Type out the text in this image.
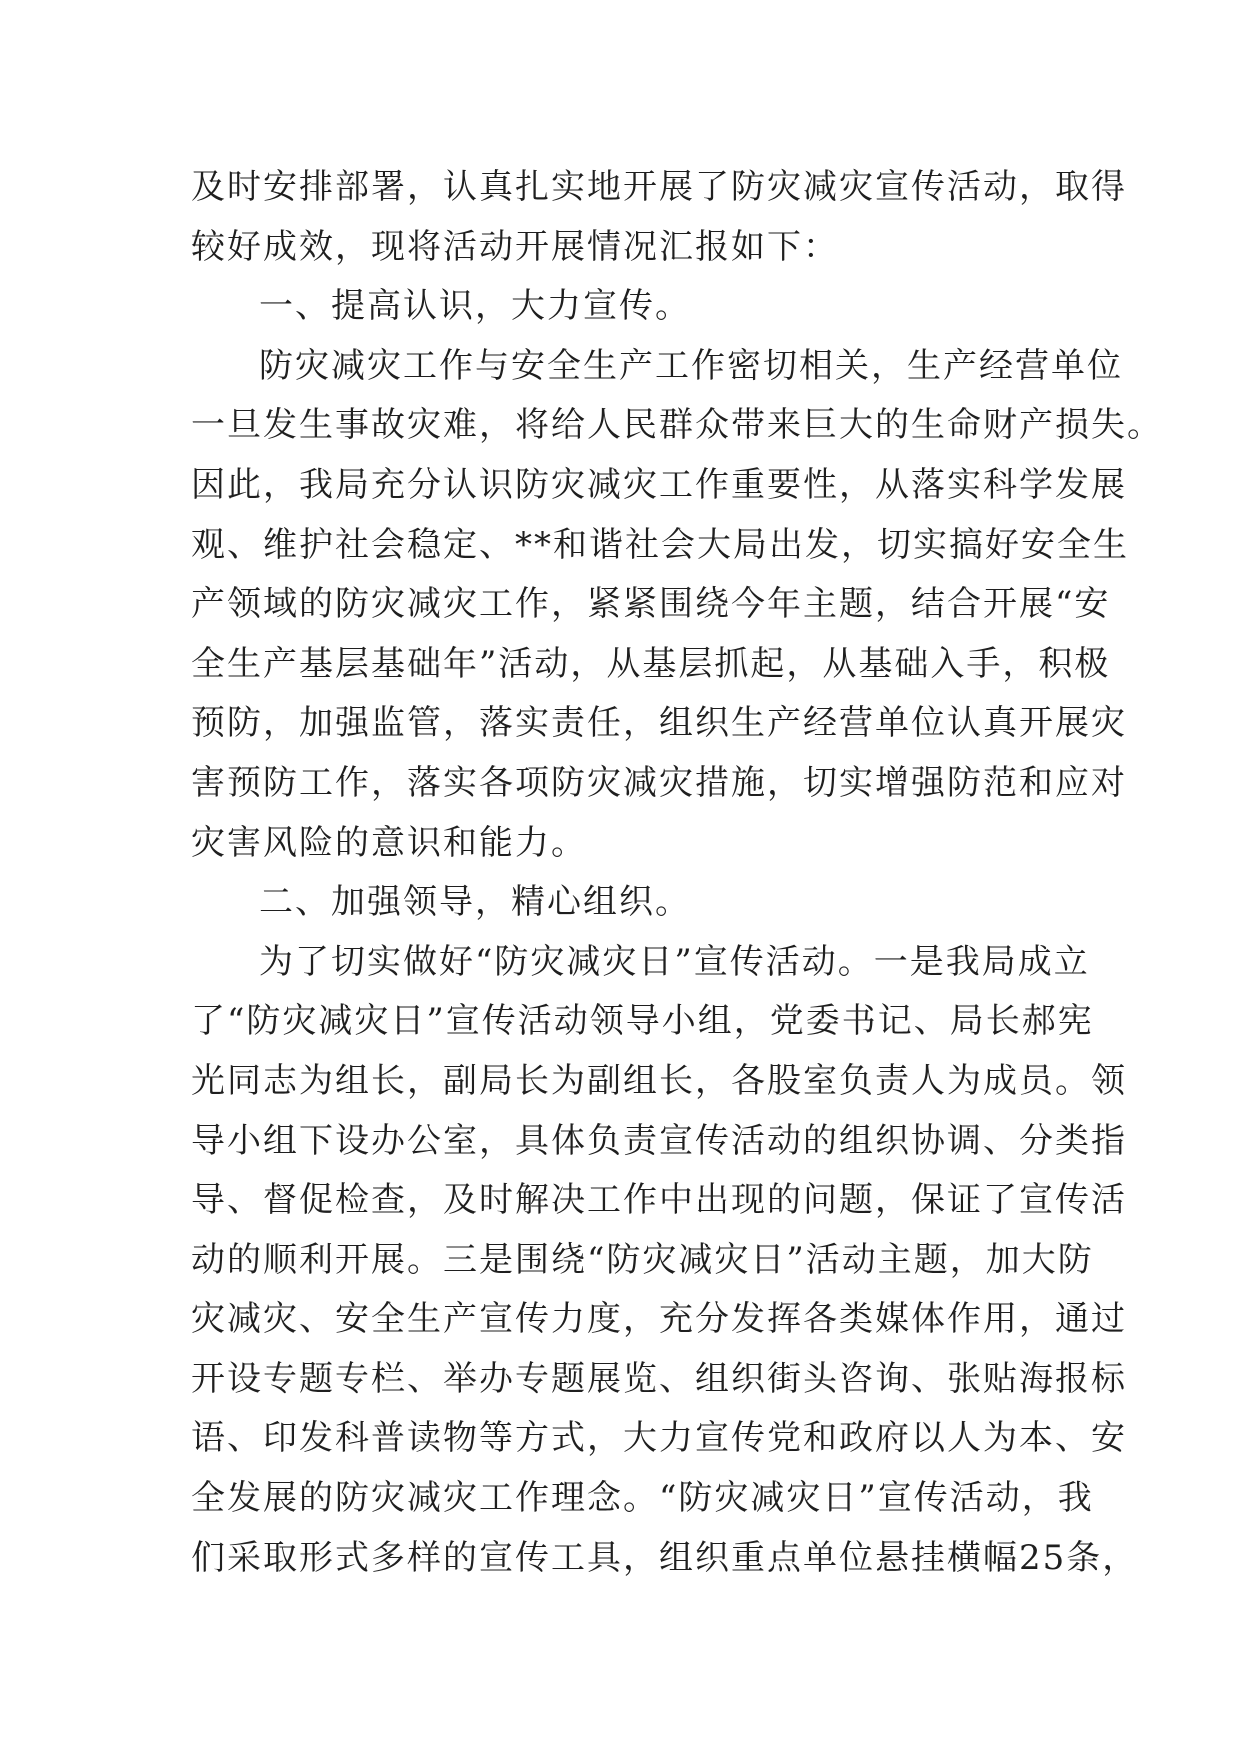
及时安排部署，认真扎实地开展了防灾减灾宣传活动，取得
较好成效，现将活动开展情况汇报如下：
一、提高认识，大力宣传。
防灾减灾工作与安全生产工作密切相关，生产经营单位
一旦发生事故灾难，将给人民群众带来巨大的生命财产损失。
因此，我局充分认识防灾减灾工作重要性，从落实科学发展
观、维护社会稳定、**和谐社会大局出发，切实搞好安全生
产领域的防灾减灾工作，紧紧围绕今年主题，结合开展“安
全生产基层基础年”活动，从基层抓起，从基础入手，积极
预防，加强监管，落实责任，组织生产经营单位认真开展灾
害预防工作，落实各项防灾减灾措施，切实增强防范和应对
灾害风险的意识和能力。
二、加强领导，精心组织。
为了切实做好“防灾减灾日”宣传活动。一是我局成立
了“防灾减灾日”宣传活动领导小组，党委书记、局长郝宪
光同志为组长，副局长为副组长，各股室负责人为成员。领
导小组下设办公室，具体负责宣传活动的组织协调、分类指
导、督促检查，及时解决工作中出现的问题，保证了宣传活
动的顺利开展。三是围绕“防灾减灾日”活动主题，加大防
灾减灾、安全生产宣传力度，充分发挥各类媒体作用，通过
开设专题专栏、举办专题展览、组织街头咨询、张贴海报标
语、印发科普读物等方式，大力宣传党和政府以人为本、安
全发展的防灾减灾工作理念。“防灾减灾日”宣传活动，我
们采取形式多样的宣传工具，组织重点单位悬挂横幅25条，
